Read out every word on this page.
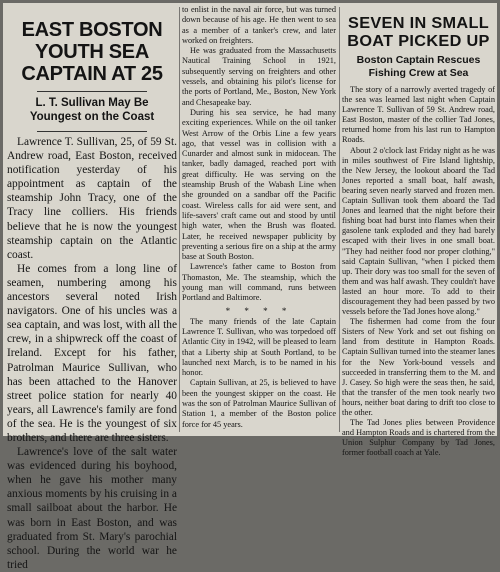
EAST BOSTON YOUTH SEA CAPTAIN AT 25
L. T. Sullivan May Be Youngest on the Coast

Lawrence T. Sullivan, 25, of 59 St. Andrew road, East Boston, received notification yesterday of his appointment as captain of the steamship John Tracy, one of the Tracy line colliers. His friends believe that he is now the youngest steamship captain on the Atlantic coast.

He comes from a long line of seamen, numbering among his ancestors several noted Irish navigators. One of his uncles was a sea captain, and was lost, with all the crew, in a shipwreck off the coast of Ireland. Except for his father, Patrolman Maurice Sullivan, who has been attached to the Hanover street police station for nearly 40 years, all Lawrence's family are fond of the sea. He is the youngest of six brothers, and there are three sisters.

Lawrence's love of the salt water was evidenced during his boyhood, when he gave his mother many anxious moments by his cruising in a small sailboat about the harbor. He was born in East Boston, and was graduated from St. Mary's parochial school. During the world war he tried

to enlist in the naval air force, but was turned down because of his age. He then went to sea as a member of a tanker's crew, and later worked on freighters.

He was graduated from the Massachusetts Nautical Training School in 1921, subsequently serving on freighters and other vessels, and obtaining his pilot's license for the ports of Portland, Me., Boston, New York and Chesapeake bay.

During his sea service, he had many exciting experiences. While on the oil tanker West Arrow of the Orbis Line a few years ago, that vessel was in collision with a Cunarder and almost sunk in midocean. The tanker, badly damaged, reached port with great difficulty. He was serving on the steamship Brush of the Wabash Line when she grounded on a sandbar off the Pacific coast. Wireless calls for aid were sent, and life-savers' craft came out and stood by until high water, when the Brush was floated. Later, he received newspaper publicity by preventing a serious fire on a ship at the army base at South Boston.

Lawrence's father came to Boston from Thomaston, Me. The steamship, which the young man will command, runs between Portland and Baltimore.

* * * *

The many friends of the late Captain Lawrence T. Sullivan, who was torpedoed off Atlantic City in 1942, will be pleased to learn that a Liberty ship at South Portland, to be launched next March, is to be named in his honor.

Captain Sullivan, at 25, is believed to have been the youngest skipper on the coast. He was the son of Patrolman Maurice Sullivan of Station 1, a member of the Boston police force for 45 years.

SEVEN IN SMALL BOAT PICKED UP
Boston Captain Rescues Fishing Crew at Sea

The story of a narrowly averted tragedy of the sea was learned last night when Captain Lawrence T. Sullivan of 59 St. Andrew road, East Boston, master of the collier Tad Jones, returned home from his last run to Hampton Roads.

About 2 o'clock last Friday night as he was in miles southwest of Fire Island lightship, the New Jersey, the lookout aboard the Tad Jones reported a small boat, half awash, bearing seven nearly starved and frozen men. Captain Sullivan took them aboard the Tad Jones and learned that the night before their fishing boat had burst into flames when their gasolene tank exploded and they had barely escaped with their lives in one small boat. "They had neither food nor proper clothing," said Captain Sullivan, "when I picked them up. Their dory was too small for the seven of them and was half awash. They couldn't have lasted an hour more. To add to their discouragement they had been passed by two vessels before the Tad Jones hove along."

The fishermen had come from the four Sisters of New York and set out fishing on land from destitute in Hampton Roads. Captain Sullivan turned into the steamer lanes for the New York-bound vessels and succeeded in transferring them to the M. and J. Casey. So high were the seas then, he said, that the transfer of the men took nearly two hours, neither boat daring to drift too close to the other.

The Tad Jones plies between Providence and Hampton Roads and is chartered from the Union Sulphur Company by Tad Jones, former football coach at Yale.
